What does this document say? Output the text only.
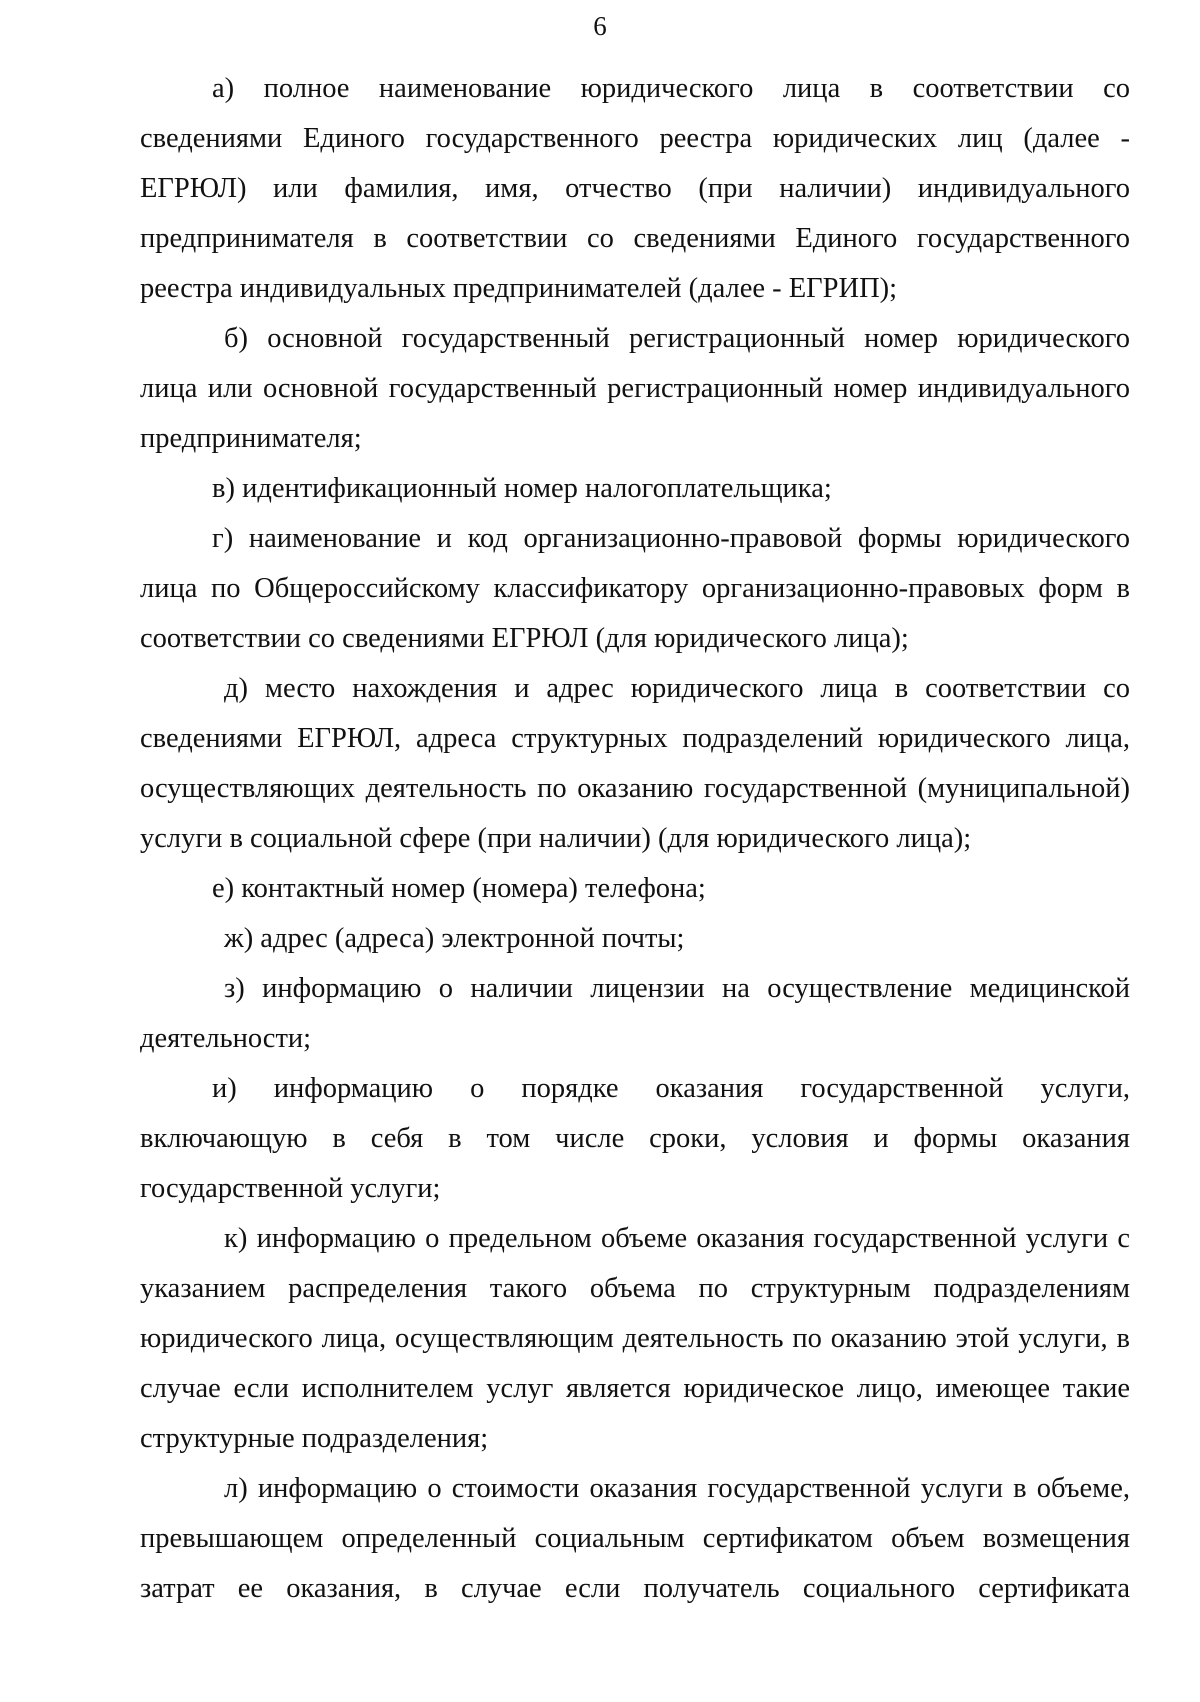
6
а) полное наименование юридического лица в соответствии со
сведениями Единого государственного реестра юридических лиц (далее -
ЕГРЮЛ) или фамилия, имя, отчество (при наличии) индивидуального
предпринимателя в соответствии со сведениями Единого государственного
реестра индивидуальных предпринимателей (далее - ЕГРИП);
б) основной государственный регистрационный номер юридического
лица или основной государственный регистрационный номер индивидуального
предпринимателя;
в) идентификационный номер налогоплательщика;
г) наименование и код организационно-правовой формы юридического
лица по Общероссийскому классификатору организационно-правовых форм в
соответствии со сведениями ЕГРЮЛ (для юридического лица);
д) место нахождения и адрес юридического лица в соответствии со
сведениями ЕГРЮЛ, адреса структурных подразделений юридического лица,
осуществляющих деятельность по оказанию государственной (муниципальной)
услуги в социальной сфере (при наличии) (для юридического лица);
е) контактный номер (номера) телефона;
ж) адрес (адреса) электронной почты;
з) информацию о наличии лицензии на осуществление медицинской
деятельности;
и) информацию о порядке оказания государственной услуги,
включающую в себя в том числе сроки, условия и формы оказания
государственной услуги;
к) информацию о предельном объеме оказания государственной услуги с
указанием распределения такого объема по структурным подразделениям
юридического лица, осуществляющим деятельность по оказанию этой услуги, в
случае если исполнителем услуг является юридическое лицо, имеющее такие
структурные подразделения;
л) информацию о стоимости оказания государственной услуги в объеме,
превышающем определенный социальным сертификатом объем возмещения
затрат ее оказания, в случае если получатель социального сертификата
